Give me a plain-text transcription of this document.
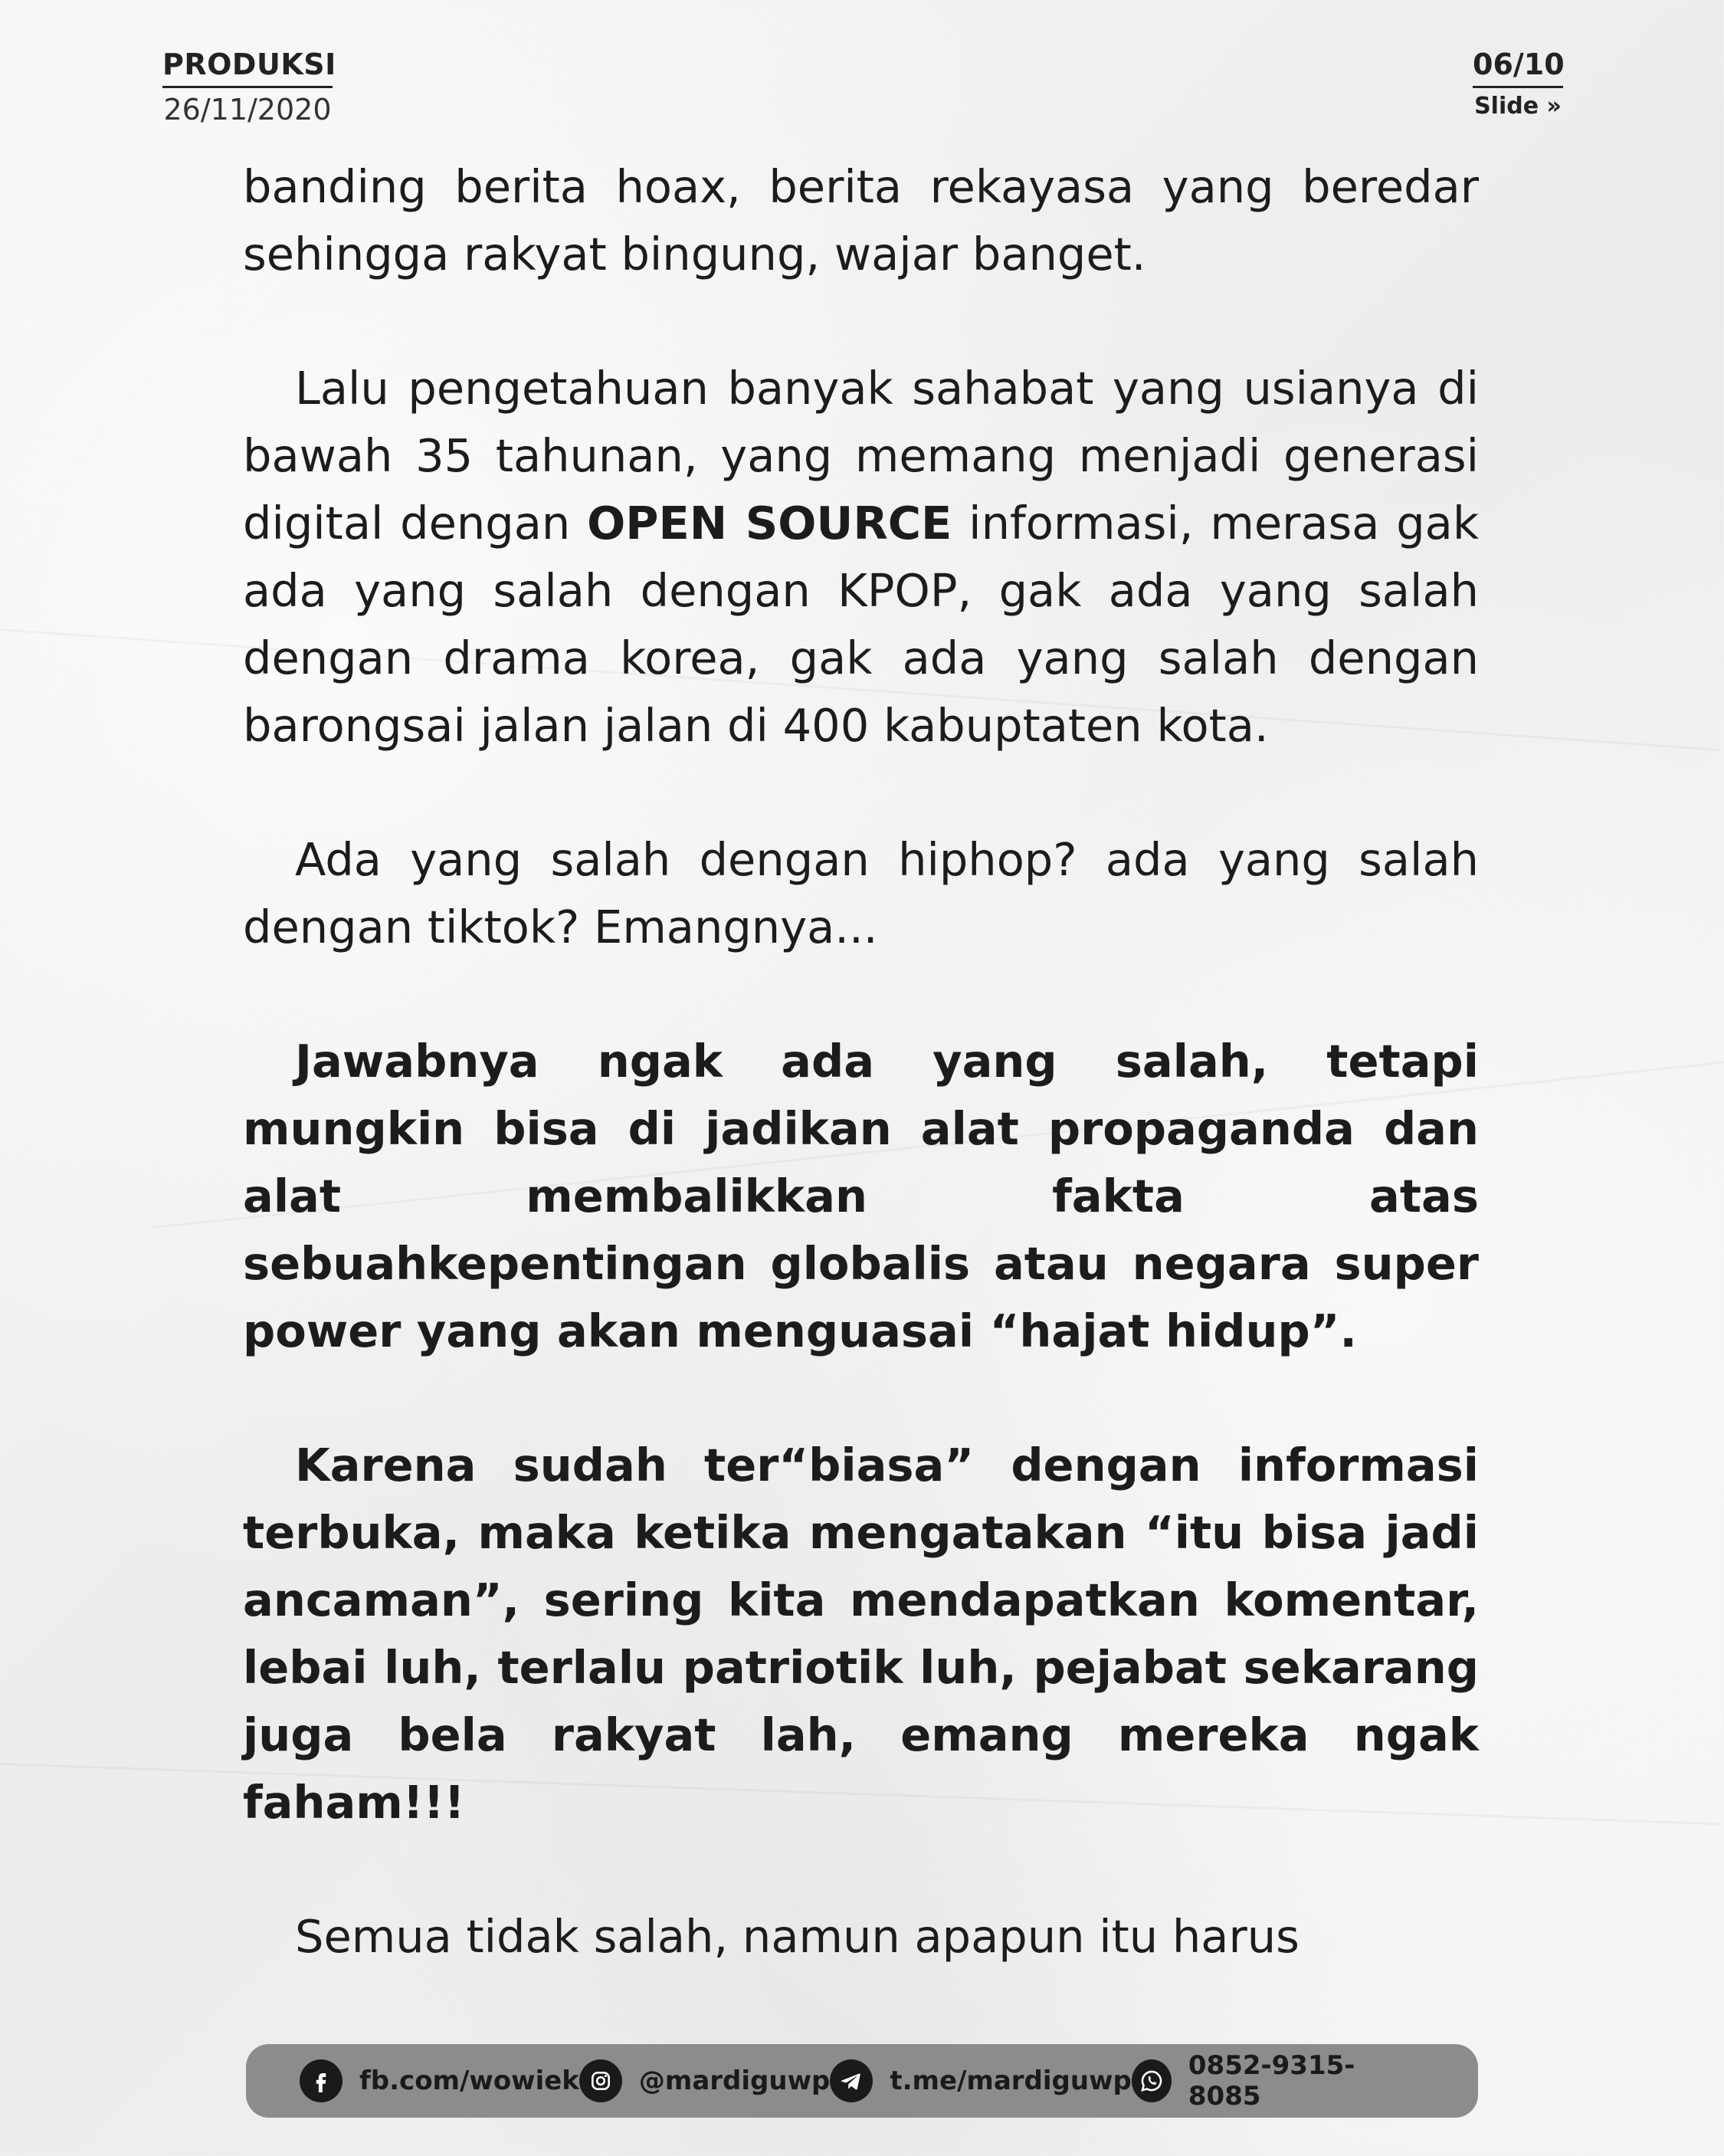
PRODUKSI
26/11/2020
06/10
Slide »

banding berita hoax, berita rekayasa yang beredar sehingga rakyat bingung, wajar banget.

Lalu pengetahuan banyak sahabat yang usianya di bawah 35 tahunan, yang memang menjadi generasi digital dengan OPEN SOURCE informasi, merasa gak ada yang salah dengan KPOP, gak ada yang salah dengan drama korea, gak ada yang salah dengan barongsai jalan jalan di 400 kabuptaten kota.

Ada yang salah dengan hiphop? ada yang salah dengan tiktok? Emangnya...

Jawabnya ngak ada yang salah, tetapi mungkin bisa di jadikan alat propaganda dan alat membalikkan fakta atas sebuahkepentingan globalis atau negara super power yang akan menguasai “hajat hidup”.

Karena sudah ter“biasa” dengan informasi terbuka, maka ketika mengatakan “itu bisa jadi ancaman”, sering kita mendapatkan komentar, lebai luh, terlalu patriotik luh, pejabat sekarang juga bela rakyat lah, emang mereka ngak faham!!!

Semua tidak salah, namun apapun itu harus

fb.com/wowiek @mardiguwp t.me/mardiguwp 0852-9315-8085
